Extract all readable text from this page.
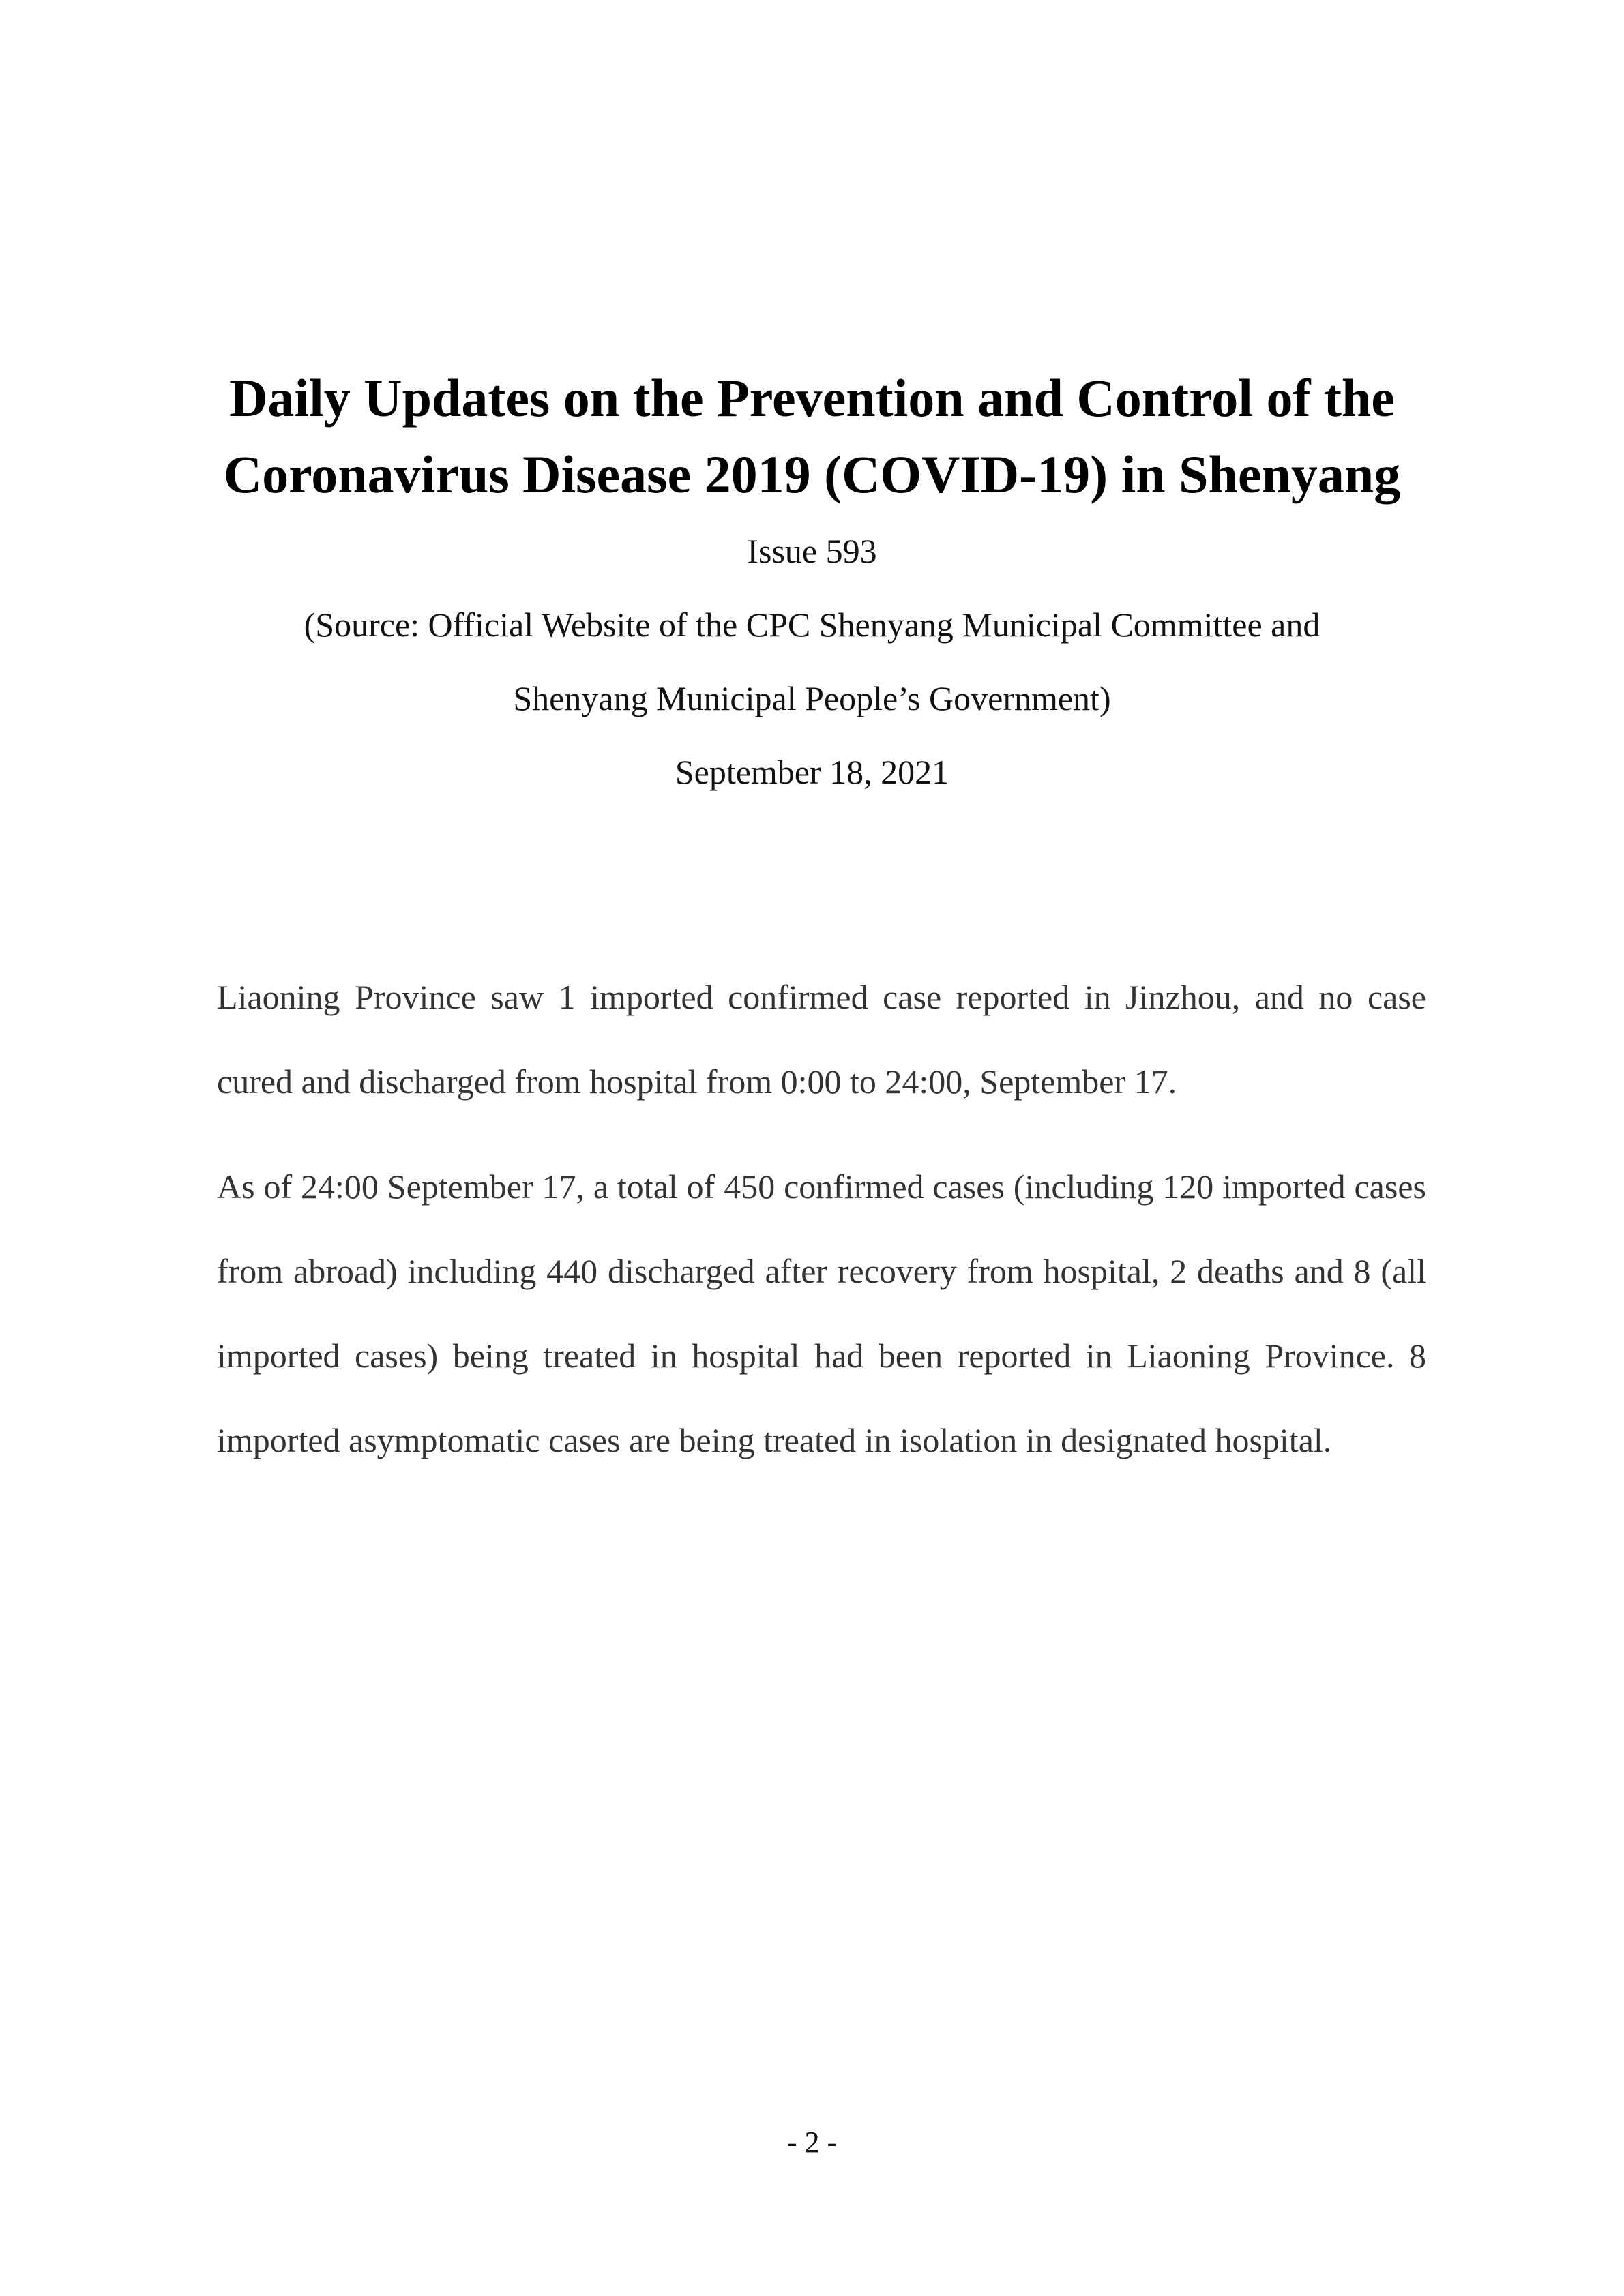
Daily Updates on the Prevention and Control of the Coronavirus Disease 2019 (COVID-19) in Shenyang
Issue 593
(Source: Official Website of the CPC Shenyang Municipal Committee and
Shenyang Municipal People’s Government)
September 18, 2021

Liaoning Province saw 1 imported confirmed case reported in Jinzhou, and no case cured and discharged from hospital from 0:00 to 24:00, September 17.

As of 24:00 September 17, a total of 450 confirmed cases (including 120 imported cases from abroad) including 440 discharged after recovery from hospital, 2 deaths and 8 (all imported cases) being treated in hospital had been reported in Liaoning Province. 8 imported asymptomatic cases are being treated in isolation in designated hospital.

- 2 -
